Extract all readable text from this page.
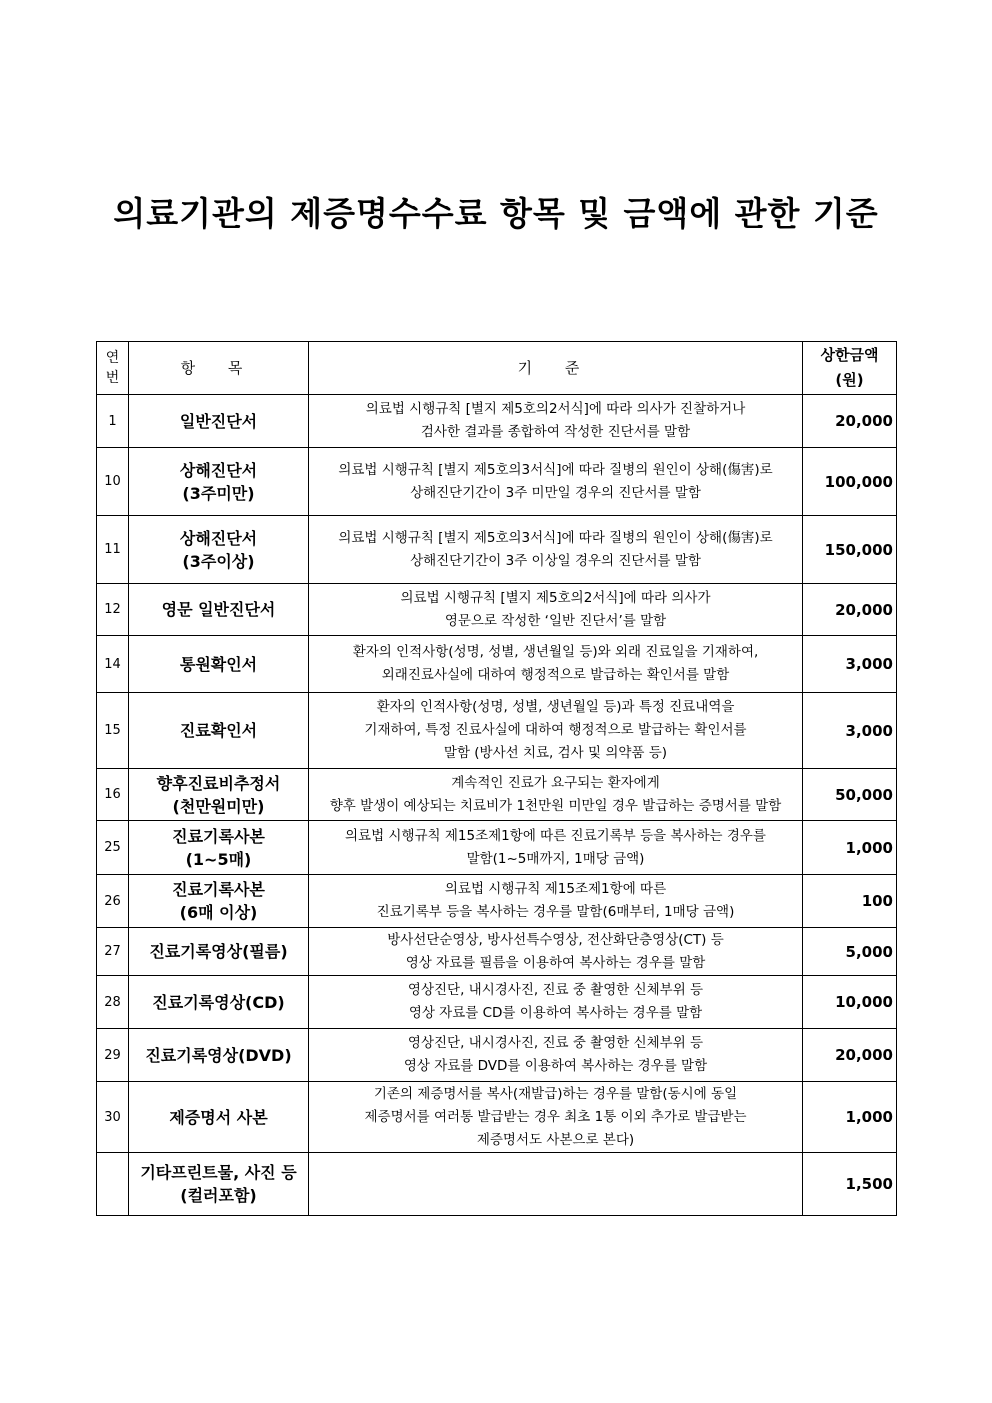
의료기관의 제증명수수료 항목 및 금액에 관한 기준
연
번	항 목	기 준	상한금액
(원)

1	일반진단서	의료법 시행규칙 [별지 제5호의2서식]에 따라 의사가 진찰하거나
검사한 결과를 종합하여 작성한 진단서를 말함	20,000
10	상해진단서
(3주미만)	의료법 시행규칙 [별지 제5호의3서식]에 따라 질병의 원인이 상해(傷害)로
상해진단기간이 3주 미만일 경우의 진단서를 말함	100,000
11	상해진단서
(3주이상)	의료법 시행규칙 [별지 제5호의3서식]에 따라 질병의 원인이 상해(傷害)로
상해진단기간이 3주 이상일 경우의 진단서를 말함	150,000
12	영문 일반진단서	의료법 시행규칙 [별지 제5호의2서식]에 따라 의사가
영문으로 작성한 ‘일반 진단서’를 말함	20,000
14	통원확인서	환자의 인적사항(성명, 성별, 생년월일 등)와 외래 진료일을 기재하여,
외래진료사실에 대하여 행정적으로 발급하는 확인서를 말함	3,000
15	진료확인서	환자의 인적사항(성명, 성별, 생년월일 등)과 특정 진료내역을
기재하여, 특정 진료사실에 대하여 행정적으로 발급하는 확인서를
말함 (방사선 치료, 검사 및 의약품 등)	3,000
16	향후진료비추정서
(천만원미만)	계속적인 진료가 요구되는 환자에게
향후 발생이 예상되는 치료비가 1천만원 미만일 경우 발급하는 증명서를 말함	50,000
25	진료기록사본
(1~5매)	의료법 시행규칙 제15조제1항에 따른 진료기록부 등을 복사하는 경우를
말함(1~5매까지, 1매당 금액)	1,000
26	진료기록사본
(6매 이상)	의료법 시행규칙 제15조제1항에 따른
진료기록부 등을 복사하는 경우를 말함(6매부터, 1매당 금액)	100
27	진료기록영상(필름)	방사선단순영상, 방사선특수영상, 전산화단층영상(CT) 등
영상 자료를 필름을 이용하여 복사하는 경우를 말함	5,000
28	진료기록영상(CD)	영상진단, 내시경사진, 진료 중 촬영한 신체부위 등
영상 자료를 CD를 이용하여 복사하는 경우를 말함	10,000
29	진료기록영상(DVD)	영상진단, 내시경사진, 진료 중 촬영한 신체부위 등
영상 자료를 DVD를 이용하여 복사하는 경우를 말함	20,000
30	제증명서 사본	기존의 제증명서를 복사(재발급)하는 경우를 말함(동시에 동일
제증명서를 여러통 발급받는 경우 최초 1통 이외 추가로 발급받는
제증명서도 사본으로 본다)	1,000

	기타프린트물, 사진 등
(컬러포함)		1,500
